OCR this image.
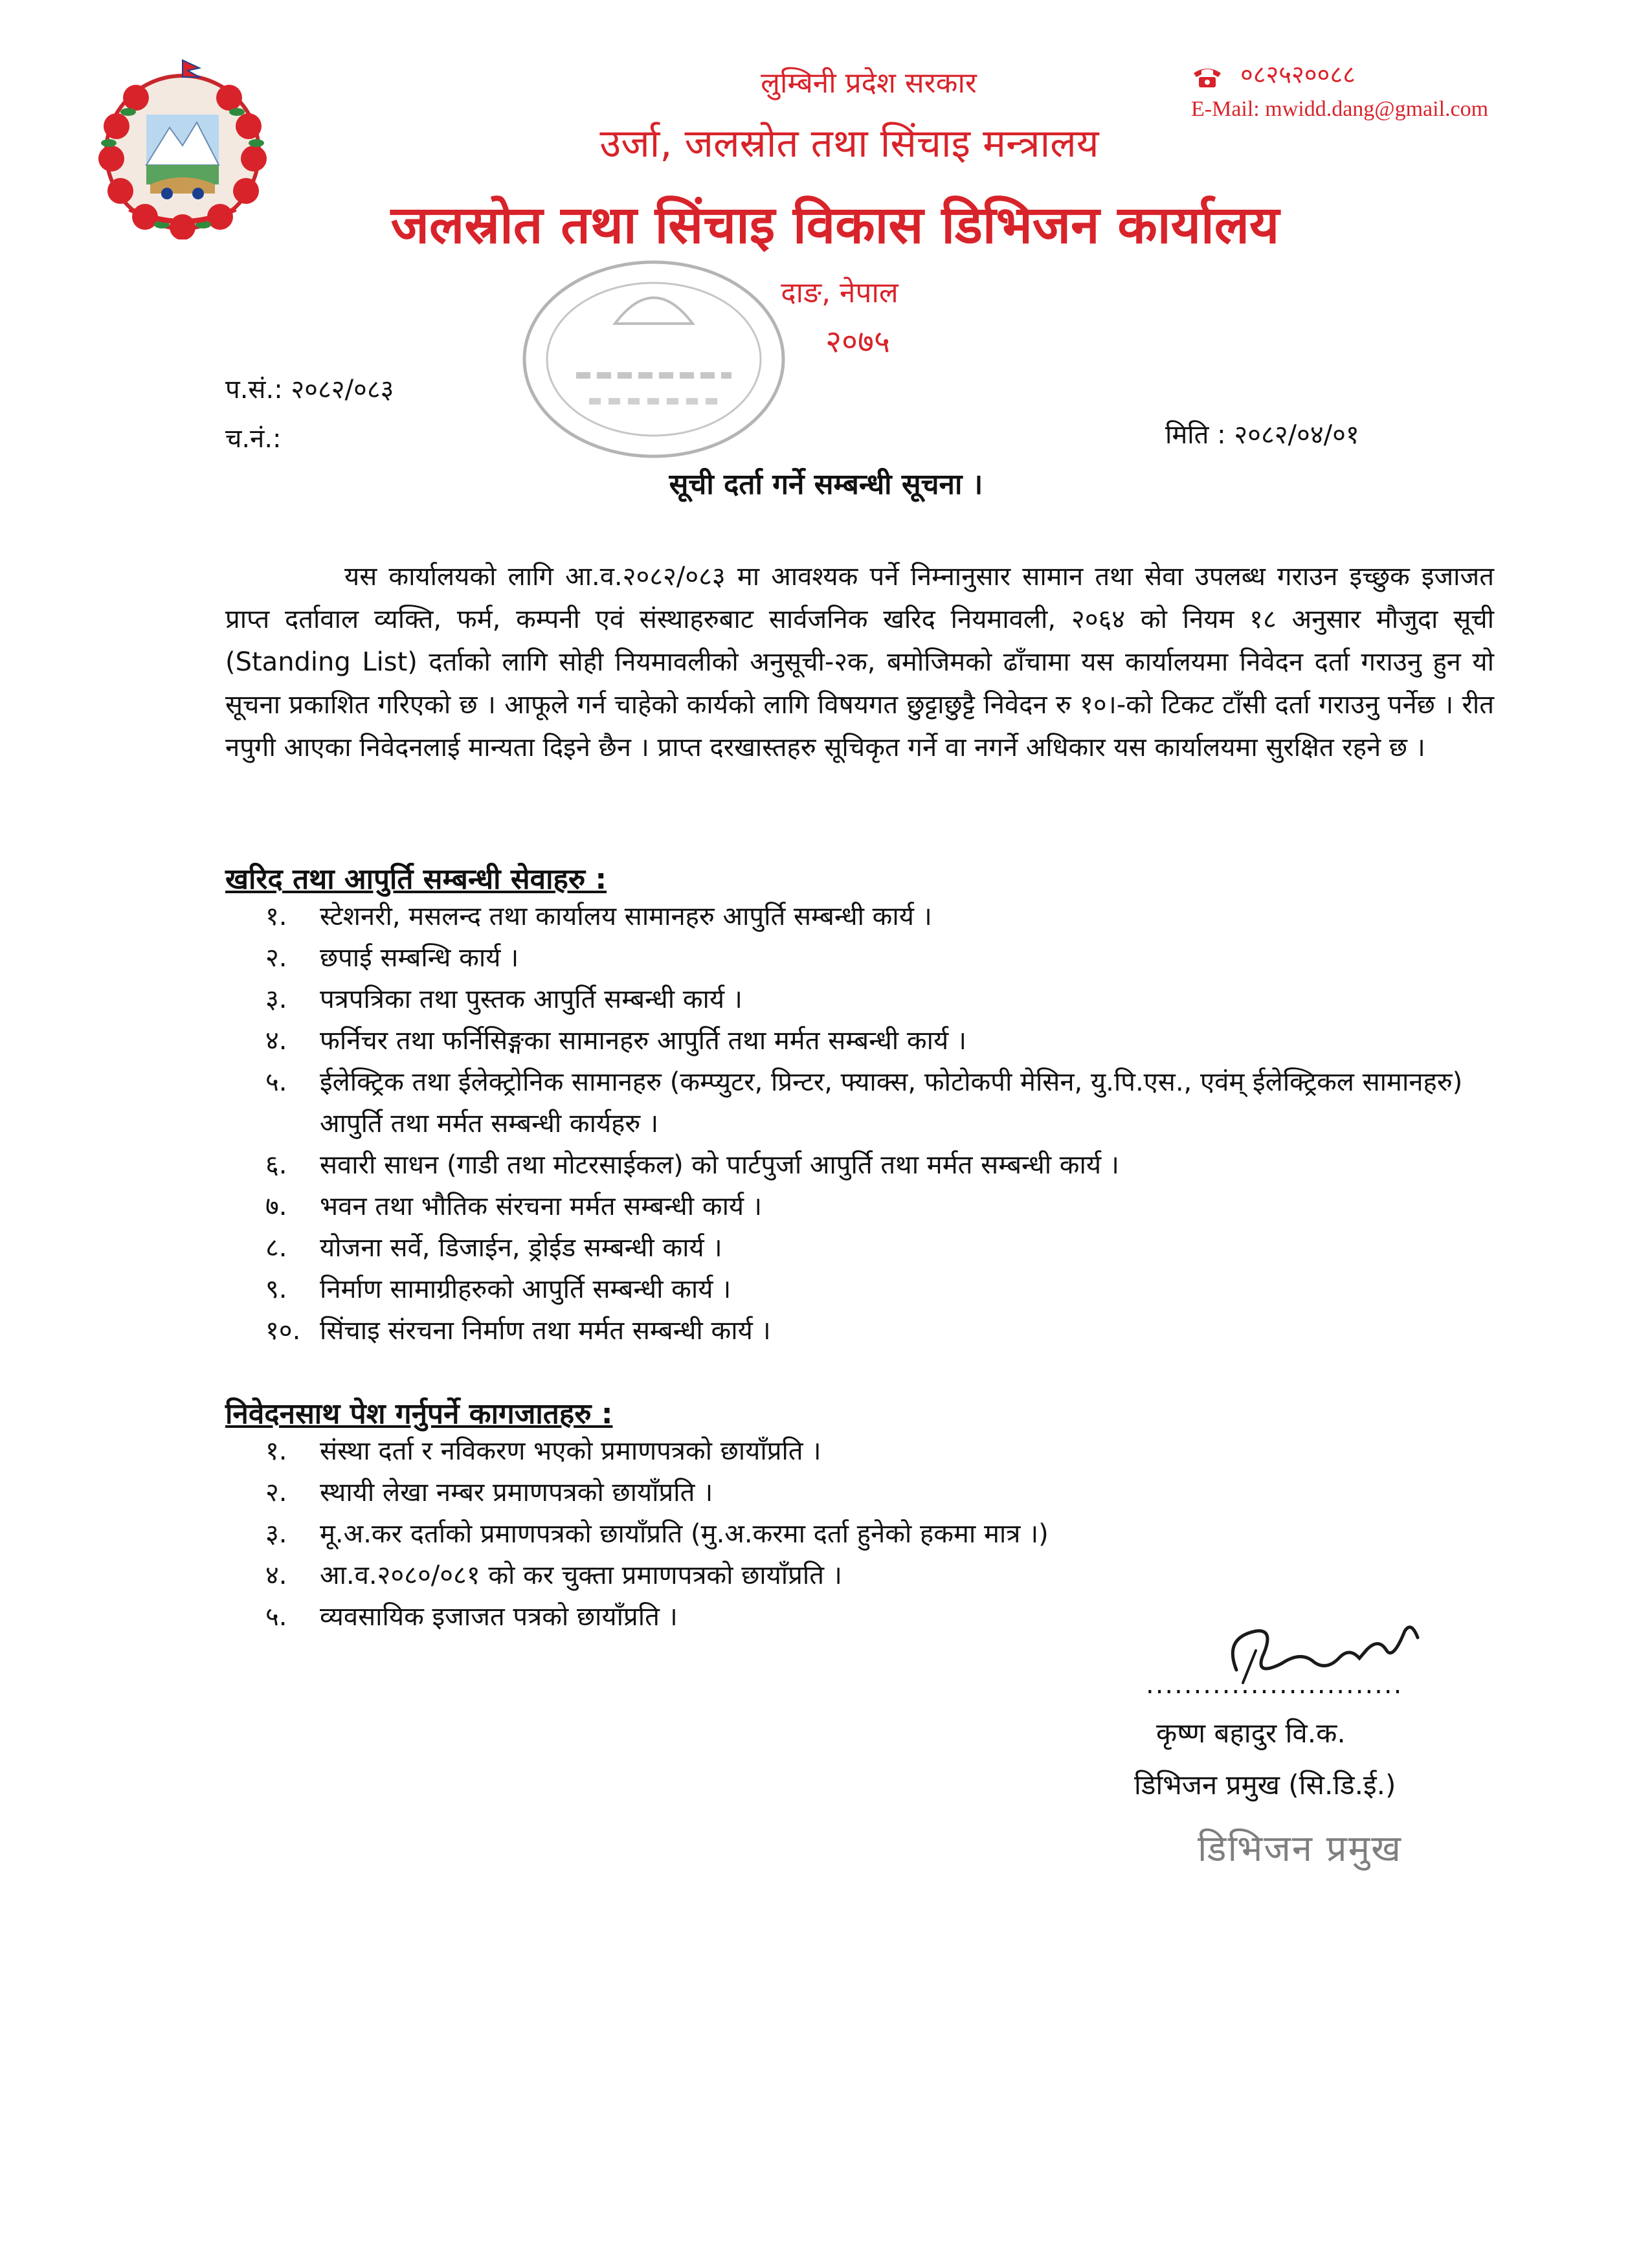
लुम्बिनी प्रदेश सरकार
उर्जा, जलस्रोत तथा सिंचाइ मन्त्रालय
जलस्रोत तथा सिंचाइ विकास डिभिजन कार्यालय
दाङ, नेपाल
२०७५
०८२५२००८८
E-Mail: mwidd.dang@gmail.com
प.सं.: २०८२/०८३
च.नं.:	मिति : २०८२/०४/०१
सूची दर्ता गर्ने सम्बन्धी सूचना ।
यस कार्यालयको लागि आ.व.२०८२/०८३ मा आवश्यक पर्ने निम्नानुसार सामान तथा सेवा उपलब्ध गराउन इच्छुक इजाजत प्राप्त दर्तावाल व्यक्ति, फर्म, कम्पनी एवं संस्थाहरुबाट सार्वजनिक खरिद नियमावली, २०६४ को नियम १८ अनुसार मौजुदा सूची (Standing List) दर्ताको लागि सोही नियमावलीको अनुसूची-२क, बमोजिमको ढाँचामा यस कार्यालयमा निवेदन दर्ता गराउनु हुन यो सूचना प्रकाशित गरिएको छ । आफूले गर्न चाहेको कार्यको लागि विषयगत छुट्टाछुट्टै निवेदन रु १०।-को टिकट टाँसी दर्ता गराउनु पर्नेछ । रीत नपुगी आएका निवेदनलाई मान्यता दिइने छैन । प्राप्त दरखास्तहरु सूचिकृत गर्ने वा नगर्ने अधिकार यस कार्यालयमा सुरक्षित रहने छ ।
खरिद तथा आपुर्ति सम्बन्धी सेवाहरु :
१. स्टेशनरी, मसलन्द तथा कार्यालय सामानहरु आपुर्ति सम्बन्धी कार्य ।
२. छपाई सम्बन्धि कार्य ।
३. पत्रपत्रिका तथा पुस्तक आपुर्ति सम्बन्धी कार्य ।
४. फर्निचर तथा फर्निसिङ्गका सामानहरु आपुर्ति तथा मर्मत सम्बन्धी कार्य ।
५. ईलेक्ट्रिक तथा ईलेक्ट्रोनिक सामानहरु (कम्प्युटर, प्रिन्टर, फ्याक्स, फोटोकपी मेसिन, यु.पि.एस., एवंम् ईलेक्ट्रिकल सामानहरु) आपुर्ति तथा मर्मत सम्बन्धी कार्यहरु ।
६. सवारी साधन (गाडी तथा मोटरसाईकल) को पार्टपुर्जा आपुर्ति तथा मर्मत सम्बन्धी कार्य ।
७. भवन तथा भौतिक संरचना मर्मत सम्बन्धी कार्य ।
८. योजना सर्वे, डिजाईन, ड्रोईड सम्बन्धी कार्य ।
९. निर्माण सामाग्रीहरुको आपुर्ति सम्बन्धी कार्य ।
१०. सिंचाइ संरचना निर्माण तथा मर्मत सम्बन्धी कार्य ।
निवेदनसाथ पेश गर्नुपर्ने कागजातहरु :
१. संस्था दर्ता र नविकरण भएको प्रमाणपत्रको छायाँप्रति ।
२. स्थायी लेखा नम्बर प्रमाणपत्रको छायाँप्रति ।
३. मू.अ.कर दर्ताको प्रमाणपत्रको छायाँप्रति (मु.अ.करमा दर्ता हुनेको हकमा मात्र ।)
४. आ.व.२०८०/०८१ को कर चुक्ता प्रमाणपत्रको छायाँप्रति ।
५. व्यवसायिक इजाजत पत्रको छायाँप्रति ।
...........................
कृष्ण बहादुर वि.क.
डिभिजन प्रमुख (सि.डि.ई.)
डिभिजन प्रमुख
